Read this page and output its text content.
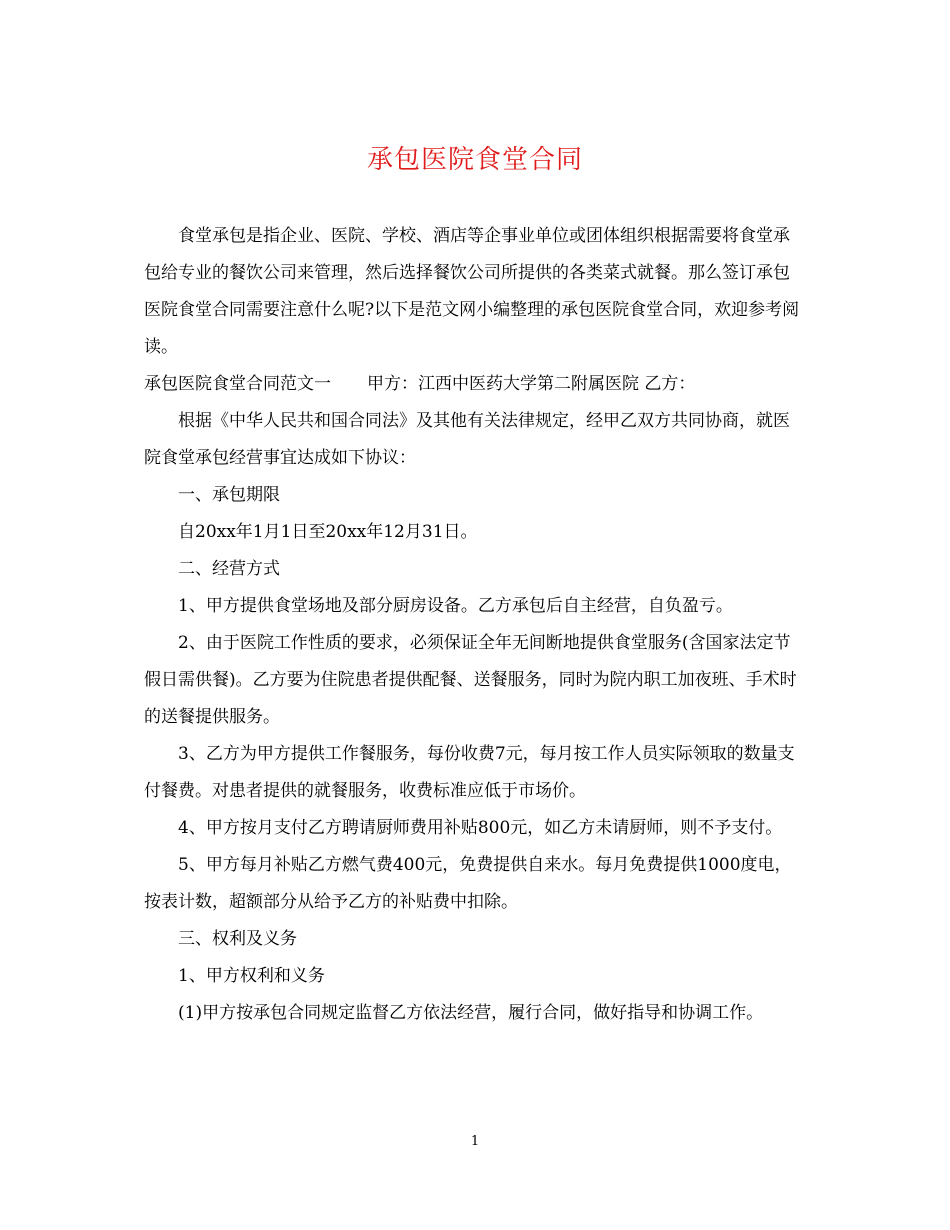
承包医院食堂合同

食堂承包是指企业、医院、学校、酒店等企事业单位或团体组织根据需要将食堂承包给专业的餐饮公司来管理，然后选择餐饮公司所提供的各类菜式就餐。那么签订承包医院食堂合同需要注意什么呢?以下是范文网小编整理的承包医院食堂合同，欢迎参考阅读。

承包医院食堂合同范文一 甲方：江西中医药大学第二附属医院 乙方：

根据《中华人民共和国合同法》及其他有关法律规定，经甲乙双方共同协商，就医院食堂承包经营事宜达成如下协议：

一、承包期限

自20xx年1月1日至20xx年12月31日。

二、经营方式

1、甲方提供食堂场地及部分厨房设备。乙方承包后自主经营，自负盈亏。

2、由于医院工作性质的要求，必须保证全年无间断地提供食堂服务(含国家法定节假日需供餐)。乙方要为住院患者提供配餐、送餐服务，同时为院内职工加夜班、手术时的送餐提供服务。

3、乙方为甲方提供工作餐服务，每份收费7元，每月按工作人员实际领取的数量支付餐费。对患者提供的就餐服务，收费标准应低于市场价。

4、甲方按月支付乙方聘请厨师费用补贴800元，如乙方未请厨师，则不予支付。

5、甲方每月补贴乙方燃气费400元，免费提供自来水。每月免费提供1000度电，按表计数，超额部分从给予乙方的补贴费中扣除。

三、权利及义务

1、甲方权利和义务

(1)甲方按承包合同规定监督乙方依法经营，履行合同，做好指导和协调工作。

1
